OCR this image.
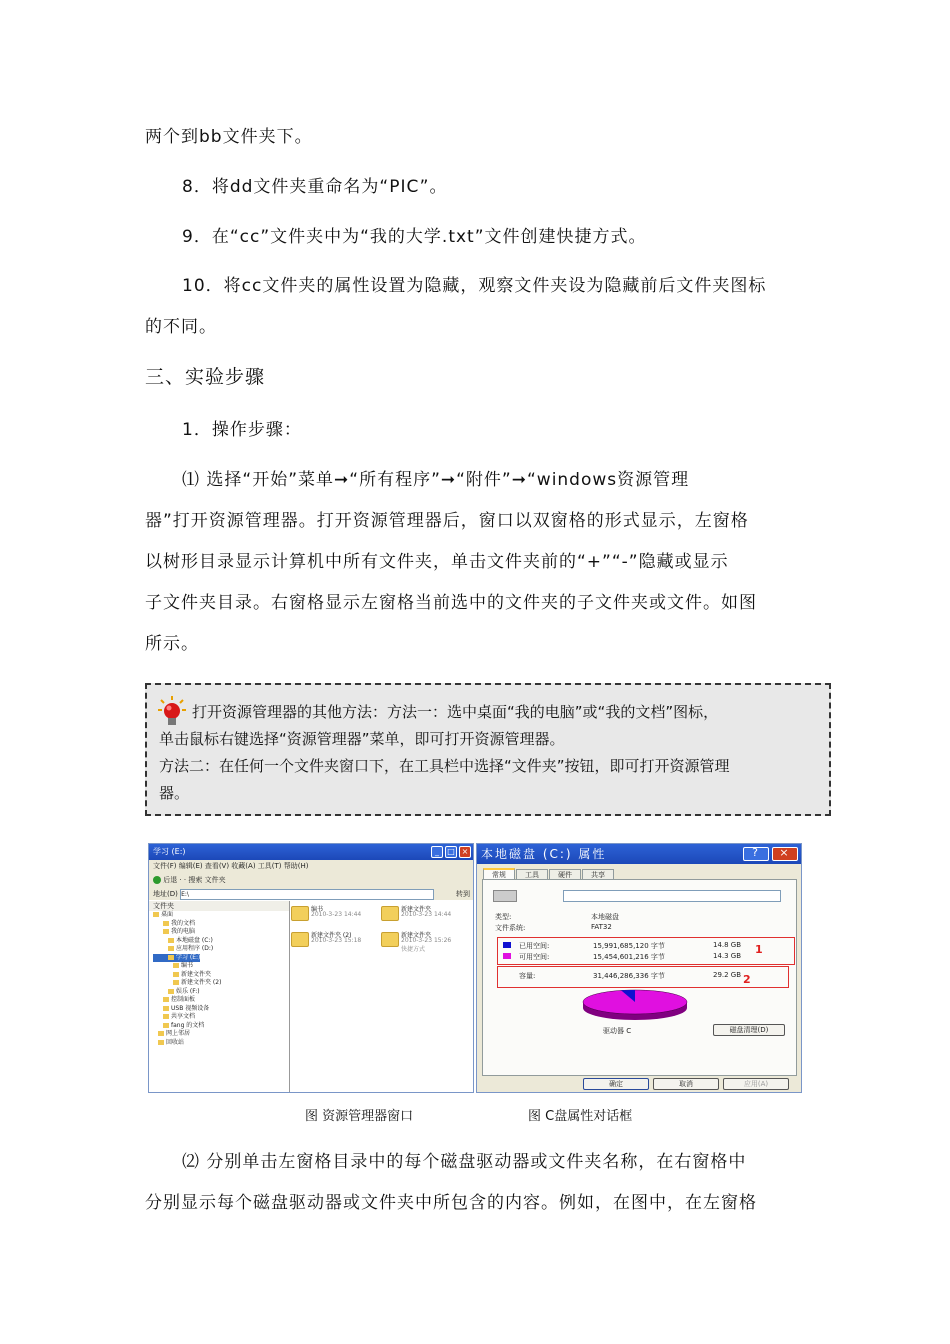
两个到bb文件夹下。
8．将dd文件夹重命名为“PIC”。
9．在“cc”文件夹中为“我的大学.txt”文件创建快捷方式。
10．将cc文件夹的属性设置为隐藏，观察文件夹设为隐藏前后文件夹图标
的不同。
三、实验步骤
1．操作步骤：
⑴ 选择“开始”菜单➞“所有程序”➞“附件”➞“windows资源管理
器”打开资源管理器。打开资源管理器后，窗口以双窗格的形式显示，左窗格
以树形目录显示计算机中所有文件夹，单击文件夹前的“+”“-”隐藏或显示
子文件夹目录。右窗格显示左窗格当前选中的文件夹的子文件夹或文件。如图
所示。
打开资源管理器的其他方法：方法一：选中桌面“我的电脑”或“我的文档”图标，
单击鼠标右键选择“资源管理器”菜单，即可打开资源管理器。
方法二：在任何一个文件夹窗口下，在工具栏中选择“文件夹”按钮，即可打开资源管理
器。
学习 (E:)	_	□ ×
文件(F) 编辑(E) 查看(V) 收藏(A) 工具(T) 帮助(H)
后退 · · 搜索 文件夹
地址(D) E:\	转到
文件夹
桌面
我的文档
我的电脑
本地磁盘 (C:)
应用程序 (D:)
学习 (E:)

编书
新建文件夹
新建文件夹 (2)
娱乐 (F:)
控制面板
USB 视频设备
共享文档
fang 的文档
网上邻居
回收站
编书
2010-3-23 14:44
新建文件夹
2010-3-23 14:44
新建文件夹 (2)
2010-3-23 15:18
新建文件夹
2010-3-23 15:26
快捷方式
本地磁盘 (C:) 属性	?	×
常规	工具	硬件	共享
类型:	本地磁盘
文件系统:	FAT32
已用空间:	15,991,685,120 字节	14.8 GB
可用空间:	15,454,601,216 字节	14.3 GB 1
容量:	31,446,286,336 字节	29.2 GB 2
驱动器 C	磁盘清理(D)
确定	取消	应用(A)
图 资源管理器窗口	图 C盘属性对话框
⑵ 分别单击左窗格目录中的每个磁盘驱动器或文件夹名称，在右窗格中
分别显示每个磁盘驱动器或文件夹中所包含的内容。例如，在图中，在左窗格
